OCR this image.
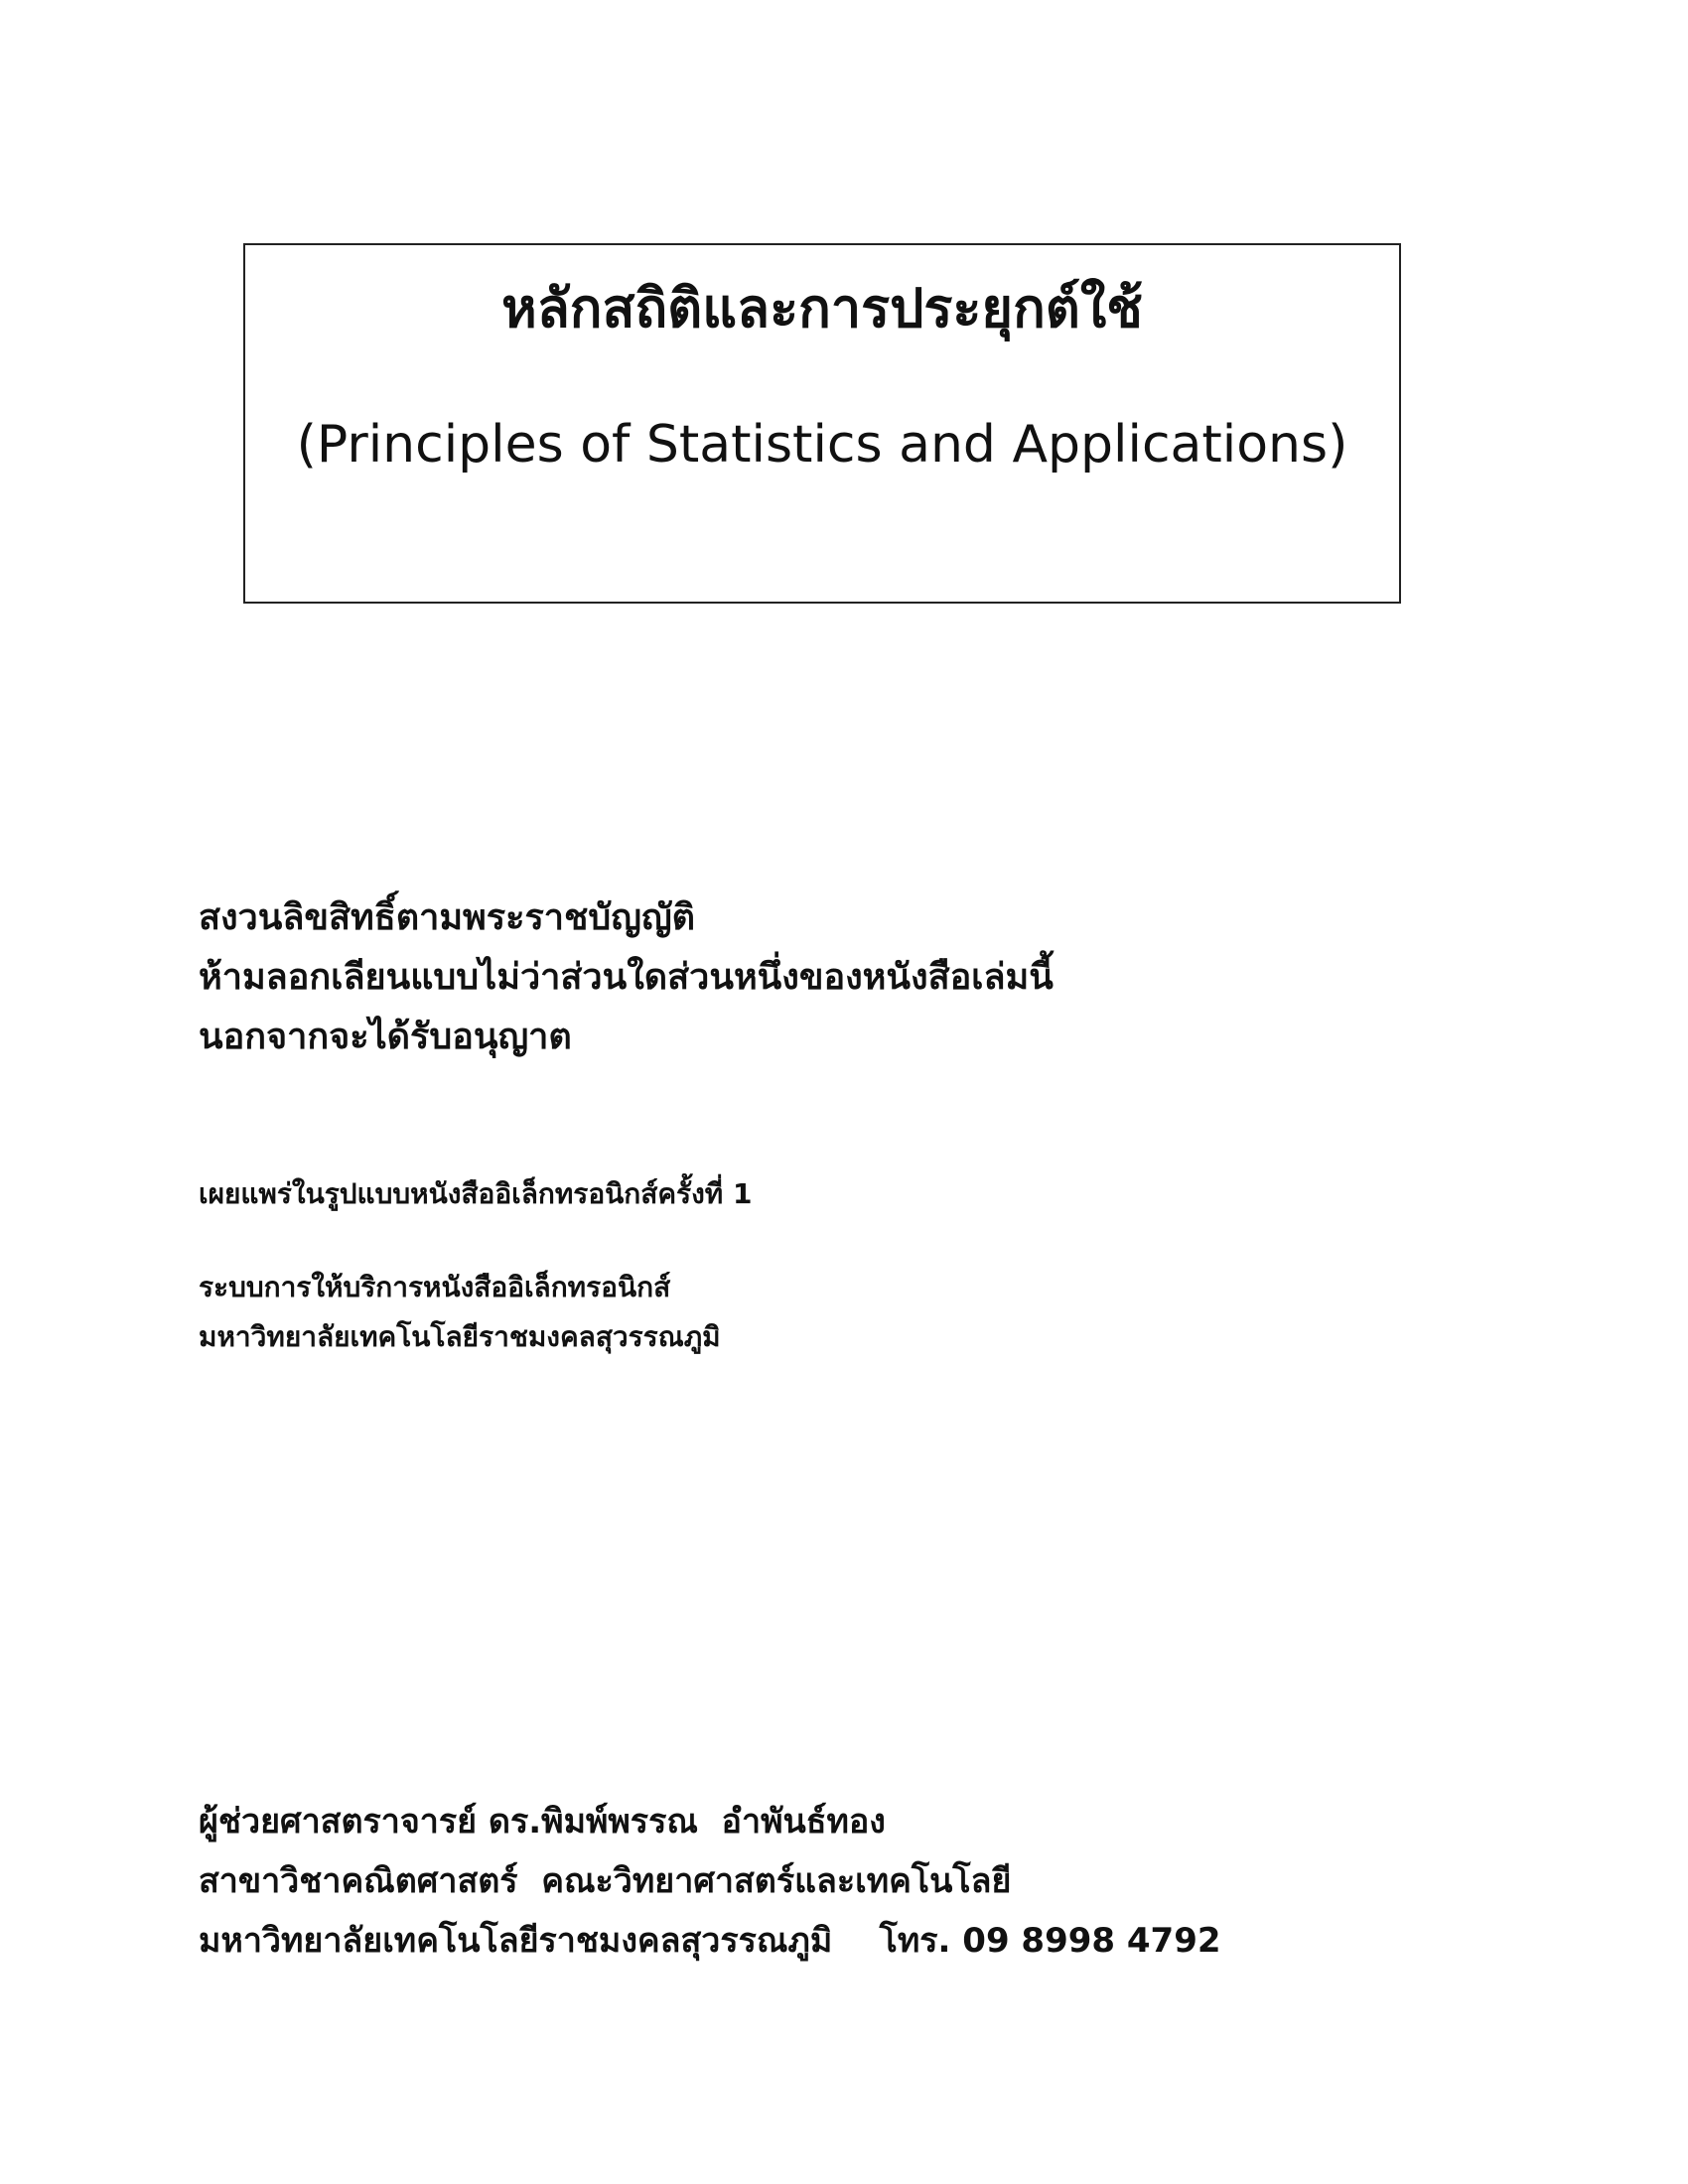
หลักสถิติและการประยุกต์ใช้
(Principles of Statistics and Applications)
สงวนลิขสิทธิ์ตามพระราชบัญญัติ
ห้ามลอกเลียนแบบไม่ว่าส่วนใดส่วนหนึ่งของหนังสือเล่มนี้
นอกจากจะได้รับอนุญาต
เผยแพร่ในรูปแบบหนังสืออิเล็กทรอนิกส์ครั้งที่ 1
ระบบการให้บริการหนังสืออิเล็กทรอนิกส์
มหาวิทยาลัยเทคโนโลยีราชมงคลสุวรรณภูมิ
ผู้ช่วยศาสตราจารย์ ดร.พิมพ์พรรณ  อำพันธ์ทอง
สาขาวิชาคณิตศาสตร์  คณะวิทยาศาสตร์และเทคโนโลยี
มหาวิทยาลัยเทคโนโลยีราชมงคลสุวรรณภูมิ    โทร. 09 8998 4792
